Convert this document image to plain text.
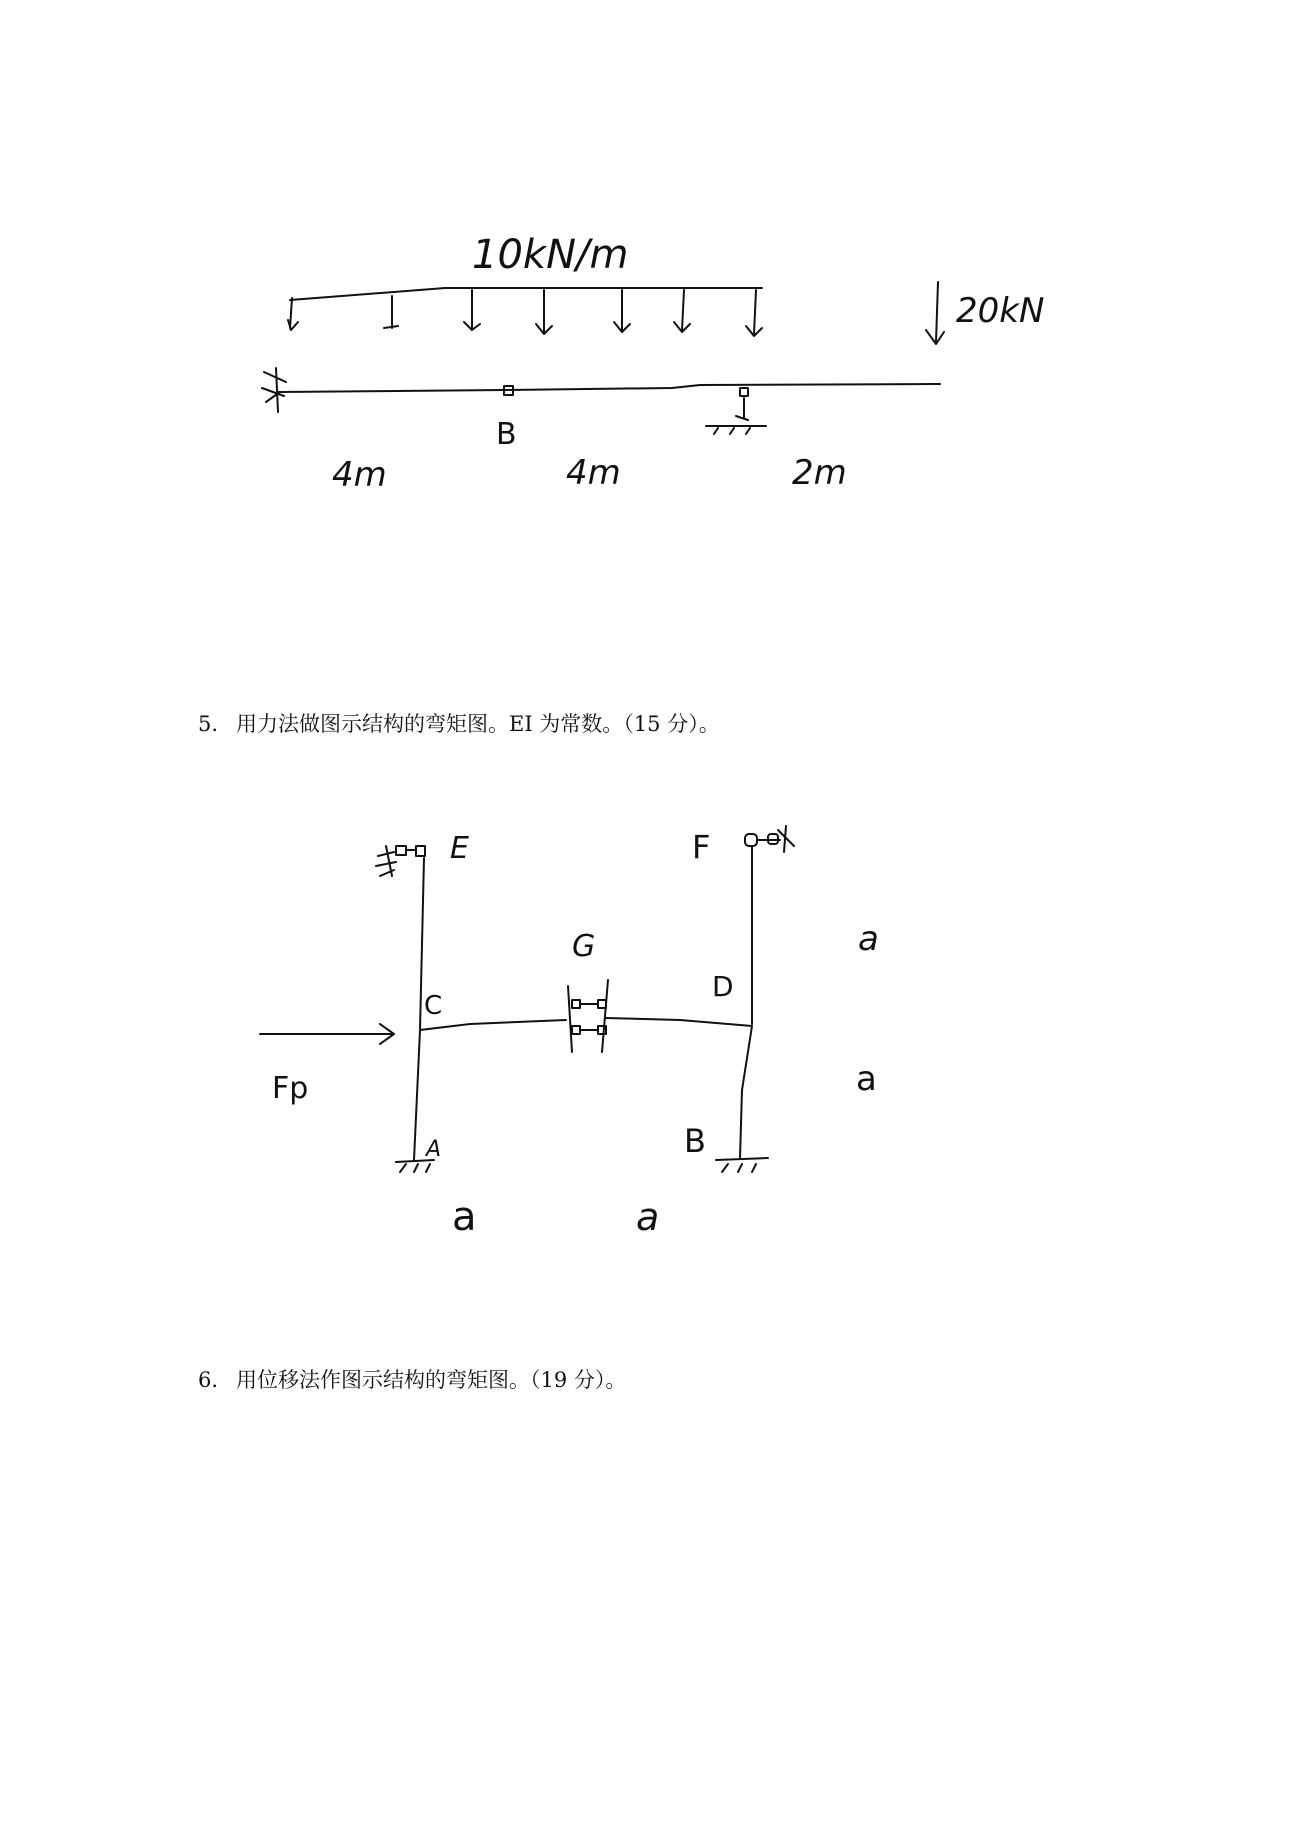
10kN/m
20kN
B
4m	4m	2m
5. 用力法做图示结构的弯矩图。EI 为常数。（15 分）。
E	F
G
C
D
A	B
Fp
a
a
a	a
6. 用位移法作图示结构的弯矩图。（19 分）。
